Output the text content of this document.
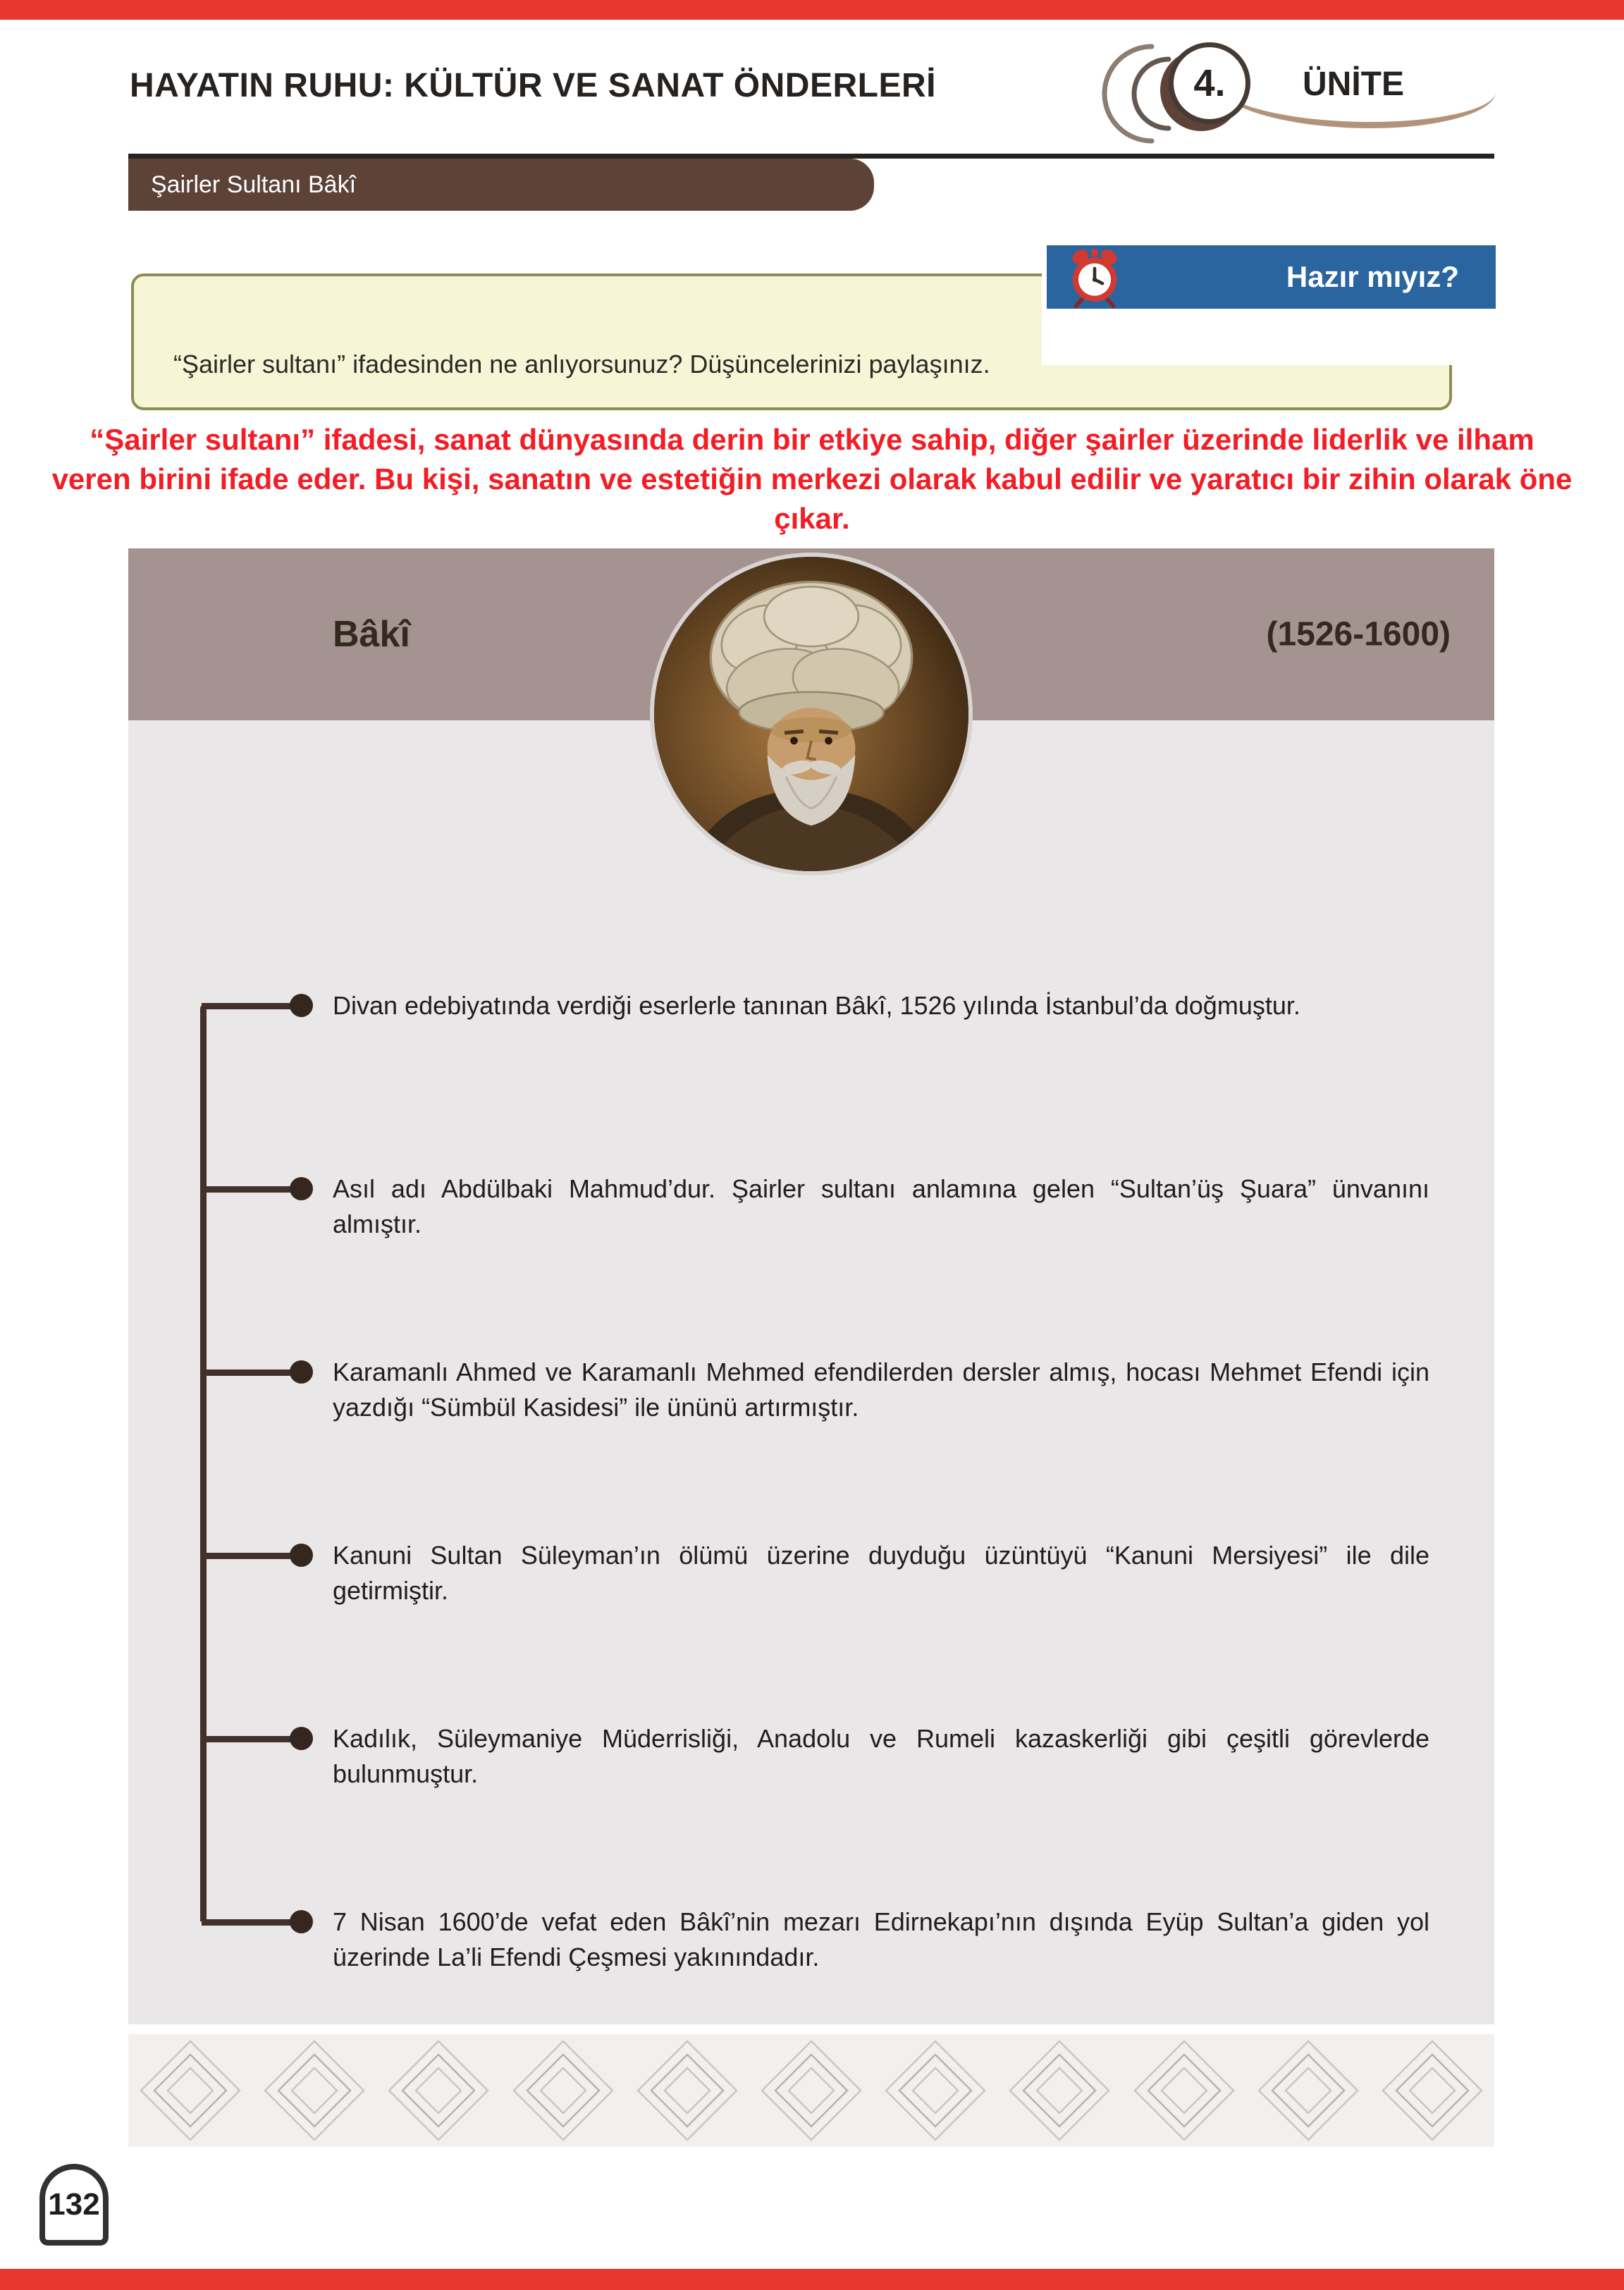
HAYATIN RUHU: KÜLTÜR VE SANAT ÖNDERLERİ	4. ÜNİTE
Şairler Sultanı Bâkî
Hazır mıyız?

“Şairler sultanı” ifadesinden ne anlıyorsunuz? Düşüncelerinizi paylaşınız.

“Şairler sultanı” ifadesi, sanat dünyasında derin bir etkiye sahip, diğer şairler üzerinde liderlik ve ilham veren birini ifade eder. Bu kişi, sanatın ve estetiğin merkezi olarak kabul edilir ve yaratıcı bir zihin olarak öne çıkar.

Bâkî	(1526-1600)

Divan edebiyatında verdiği eserlerle tanınan Bâkî, 1526 yılında İstanbul’da doğmuştur.

Asıl adı Abdülbaki Mahmud’dur. Şairler sultanı anlamına gelen “Sultan’üş Şuara” ünvanını almıştır.

Karamanlı Ahmed ve Karamanlı Mehmed efendilerden dersler almış, hocası Mehmet Efendi için yazdığı “Sümbül Kasidesi” ile ününü artırmıştır.

Kanuni Sultan Süleyman’ın ölümü üzerine duyduğu üzüntüyü “Kanuni Mersiyesi” ile dile getirmiştir.

Kadılık, Süleymaniye Müderrisliği, Anadolu ve Rumeli kazaskerliği gibi çeşitli görevlerde bulunmuştur.

7 Nisan 1600’de vefat eden Bâkî’nin mezarı Edirnekapı’nın dışında Eyüp Sultan’a giden yol üzerinde La’li Efendi Çeşmesi yakınındadır.

132
